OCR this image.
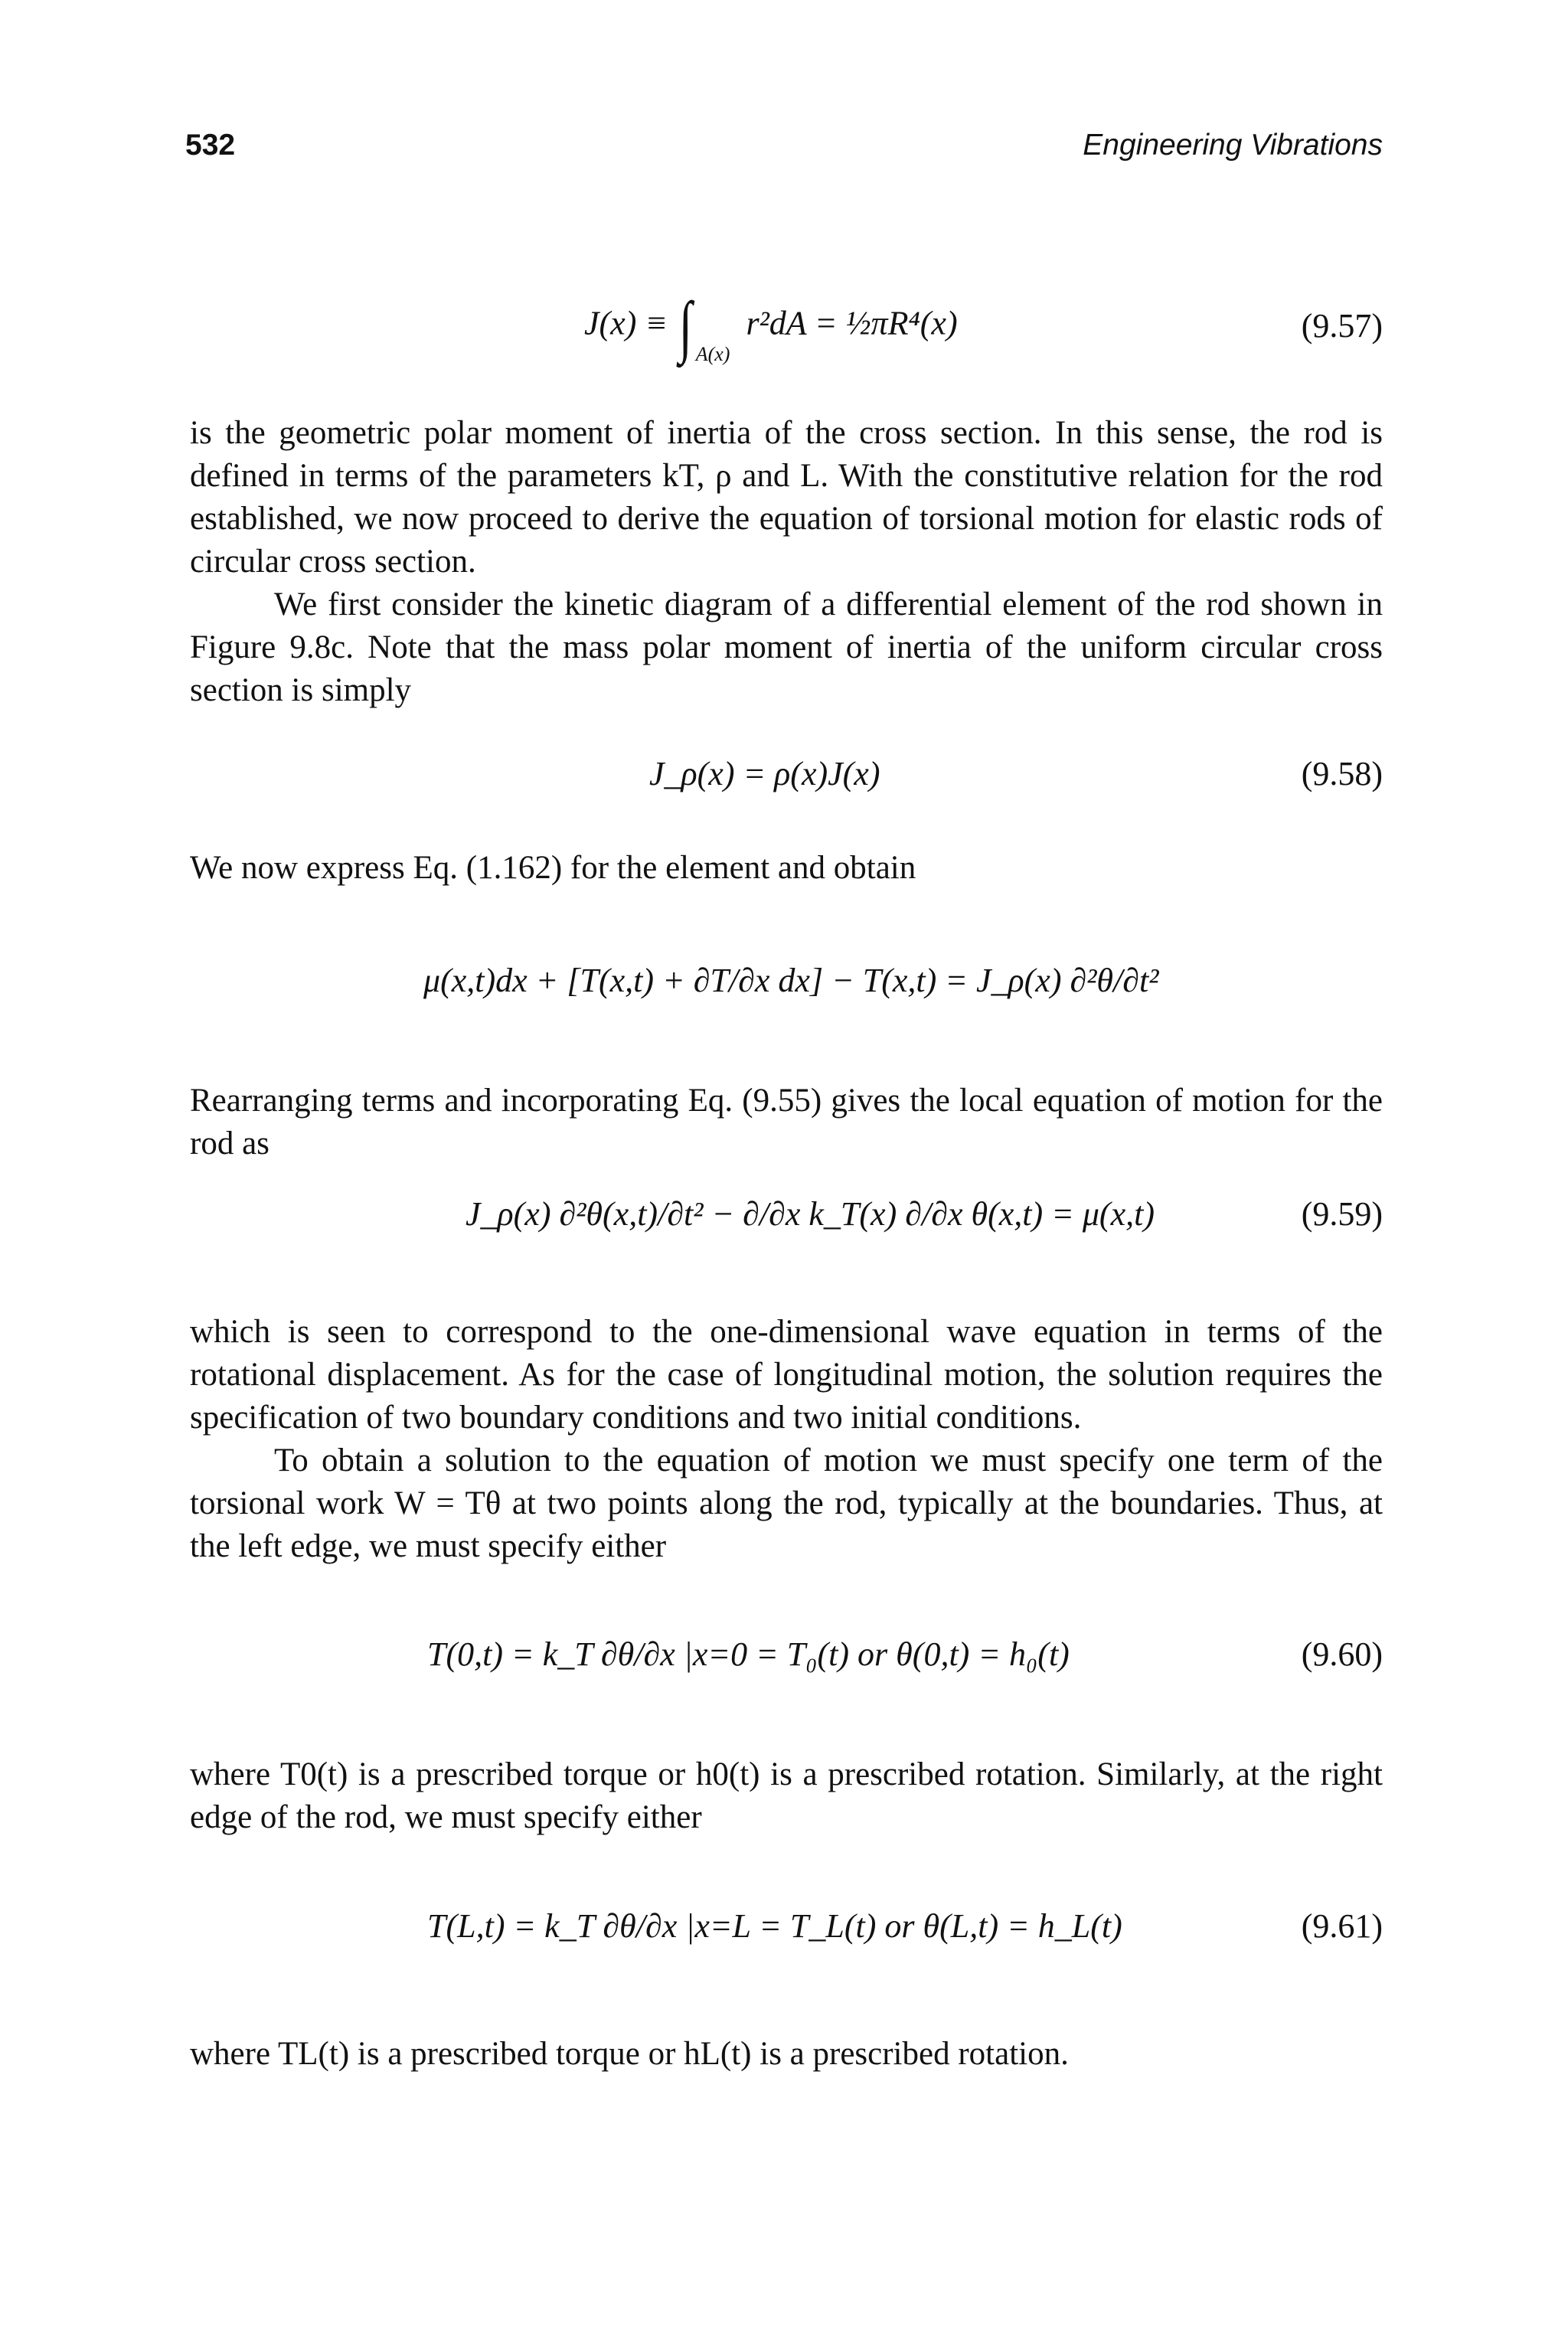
532	Engineering Vibrations
J(x) ≡ ∫ $_{A(x)}$ r²dA = ½πR⁴(x)	(9.57)
is the geometric polar moment of inertia of the cross section. In this sense, the rod is defined in terms of the parameters kT, ρ and L. With the constitutive relation for the rod established, we now proceed to derive the equation of torsional motion for elastic rods of circular cross section.
We first consider the kinetic diagram of a differential element of the rod shown in Figure 9.8c. Note that the mass polar moment of inertia of the uniform circular cross section is simply
J_ρ(x) = ρ(x)J(x)	(9.58)
We now express Eq. (1.162) for the element and obtain
μ(x,t)dx + [T(x,t) + ∂T/∂x dx] − T(x,t) = J_ρ(x) ∂²θ/∂t²
Rearranging terms and incorporating Eq. (9.55) gives the local equation of motion for the rod as
J_ρ(x) ∂²θ(x,t)/∂t² − ∂/∂x k_T(x) ∂/∂x θ(x,t) = μ(x,t)	(9.59)
which is seen to correspond to the one-dimensional wave equation in terms of the rotational displacement. As for the case of longitudinal motion, the solution requires the specification of two boundary conditions and two initial conditions.
To obtain a solution to the equation of motion we must specify one term of the torsional work W = Tθ at two points along the rod, typically at the boundaries. Thus, at the left edge, we must specify either
T(0,t) = k_T ∂θ/∂x |x=0 = T₀(t) or θ(0,t) = h₀(t)	(9.60)
where T0(t) is a prescribed torque or h0(t) is a prescribed rotation. Similarly, at the right edge of the rod, we must specify either
T(L,t) = k_T ∂θ/∂x |x=L = T_L(t) or θ(L,t) = h_L(t)	(9.61)
where TL(t) is a prescribed torque or hL(t) is a prescribed rotation.
